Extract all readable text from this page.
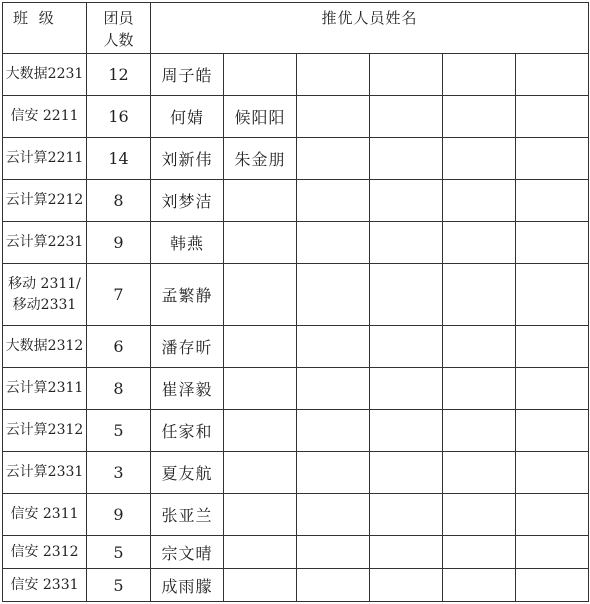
班 级	团员人数	推优人员姓名					
大数据2231	12	周子皓					
信安 2211	16	何婧	候阳阳				
云计算2211	14	刘新伟	朱金朋				
云计算2212	8	刘梦洁					
云计算2231	9	韩燕					
移动 2311/移动2331	7	孟繁静					
大数据2312	6	潘存昕					
云计算2311	8	崔泽毅					
云计算2312	5	任家和					
云计算2331	3	夏友航					
信安 2311	9	张亚兰					
信安 2312	5	宗文晴					
信安 2331	5	成雨朦					
